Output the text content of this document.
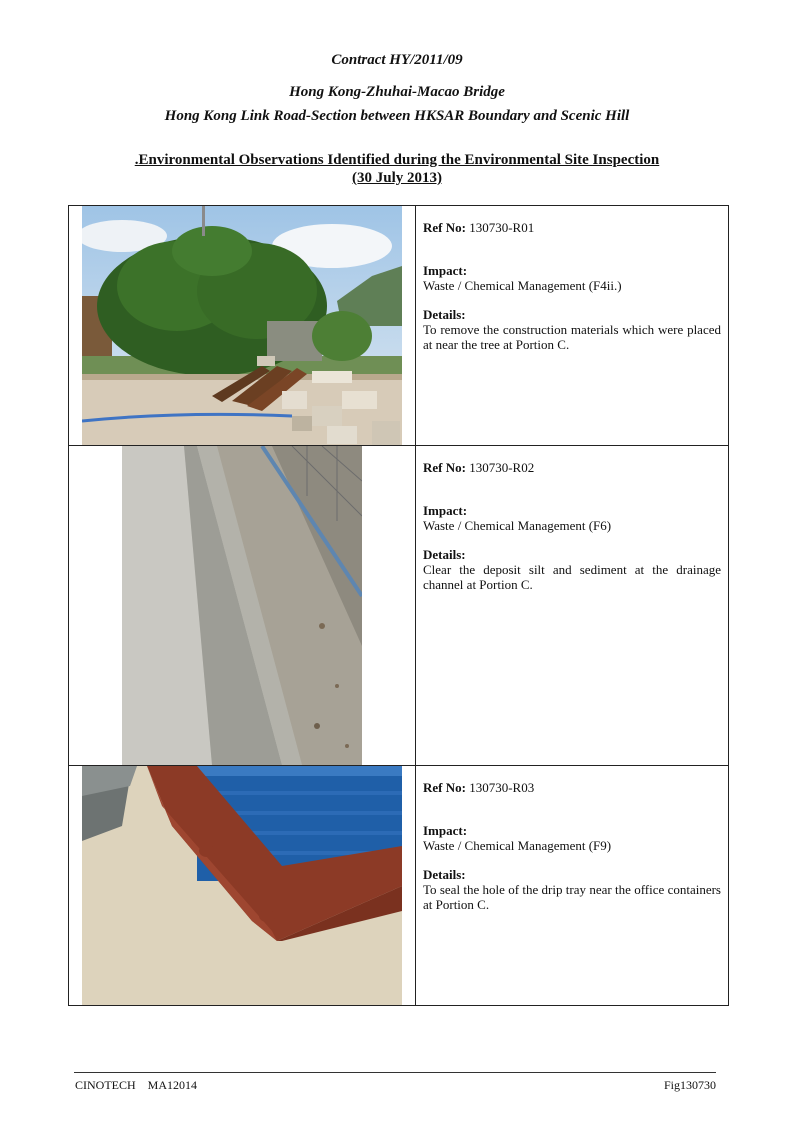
Contract HY/2011/09
Hong Kong-Zhuhai-Macao Bridge
Hong Kong Link Road-Section between HKSAR Boundary and Scenic Hill
.Environmental Observations Identified during the Environmental Site Inspection
(30 July 2013)

Ref No: 130730-R01
Impact:
Waste / Chemical Management (F4ii.)
Details:
To remove the construction materials which were placed at near the tree at Portion C.

Ref No: 130730-R02
Impact:
Waste / Chemical Management (F6)
Details:
Clear the deposit silt and sediment at the drainage channel at Portion C.

Ref No: 130730-R03
Impact:
Waste / Chemical Management (F9)
Details:
To seal the hole of the drip tray near the office containers at Portion C.
CINOTECH MA12014	Fig130730
